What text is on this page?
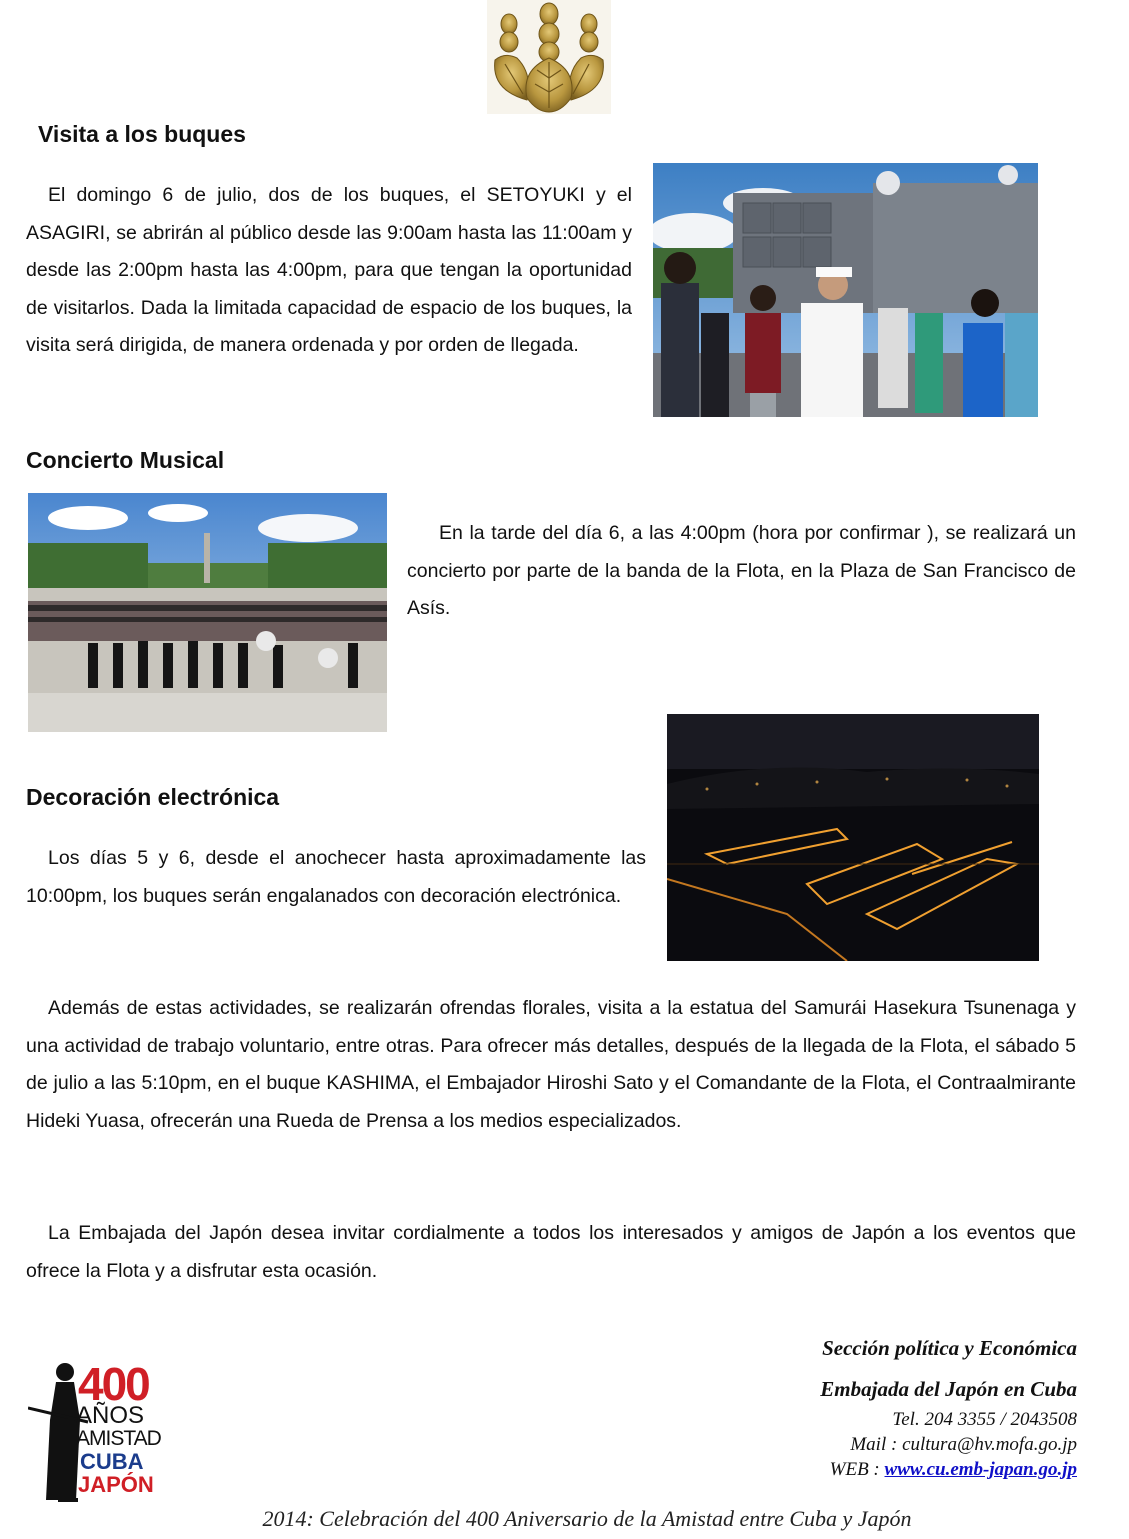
Visita a los buques

El domingo 6 de julio, dos de los buques, el SETOYUKI y el ASAGIRI, se abrirán al público desde las 9:00am hasta las 11:00am y desde las 2:00pm hasta las 4:00pm, para que tengan la oportunidad de visitarlos. Dada la limitada capacidad de espacio de los buques, la visita será dirigida, de manera ordenada y por orden de llegada.

Concierto Musical

En la tarde del día 6, a las 4:00pm (hora por confirmar ), se realizará un concierto por parte de la banda de la Flota, en la Plaza de San Francisco de Asís.

Decoración electrónica

Los días 5 y 6, desde el anochecer hasta aproximadamente las 10:00pm, los buques serán engalanados con decoración electrónica.

Además de estas actividades, se realizarán ofrendas florales, visita a la estatua del Samurái Hasekura Tsunenaga y una actividad de trabajo voluntario, entre otras. Para ofrecer más detalles, después de la llegada de la Flota, el sábado 5 de julio a las 5:10pm, en el buque KASHIMA, el Embajador Hiroshi Sato y el Comandante de la Flota, el Contraalmirante Hideki Yuasa, ofrecerán una Rueda de Prensa a los medios especializados.

La Embajada del Japón desea invitar cordialmente a todos los interesados y amigos de Japón a los eventos que ofrece la Flota y a disfrutar esta ocasión.

Sección política y Económica
Embajada del Japón en Cuba
Tel. 204 3355 / 2043508
Mail : cultura@hv.mofa.go.jp
WEB : www.cu.emb-japan.go.jp
400
AÑOS
AMISTAD
CUBA
JAPÓN
2014: Celebración del 400 Aniversario de la Amistad entre Cuba y Japón
